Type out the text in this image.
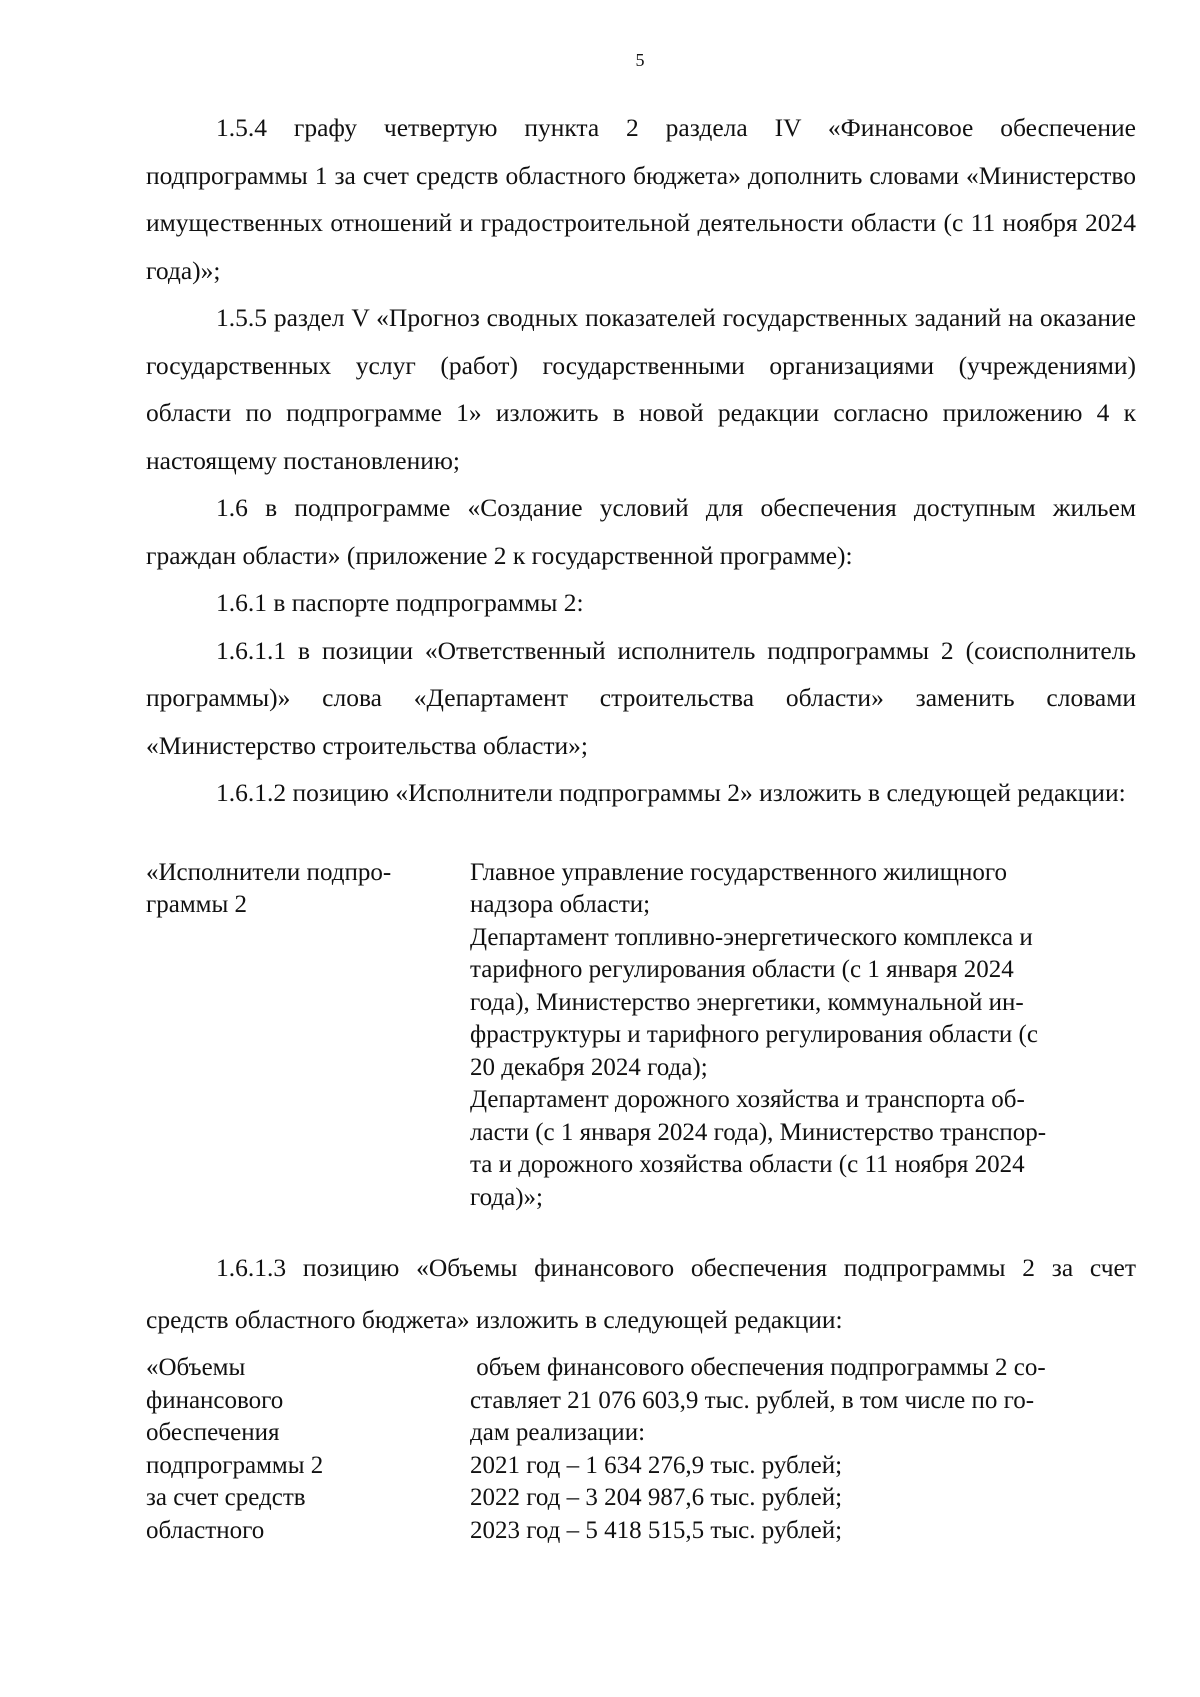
5

1.5.4 графу четвертую пункта 2 раздела IV «Финансовое обеспечение подпрограммы 1 за счет средств областного бюджета» дополнить словами «Министерство имущественных отношений и градостроительной деятельности области (с 11 ноября 2024 года)»;

1.5.5 раздел V «Прогноз сводных показателей государственных заданий на оказание государственных услуг (работ) государственными организациями (учреждениями) области по подпрограмме 1» изложить в новой редакции согласно приложению 4 к настоящему постановлению;

1.6 в подпрограмме «Создание условий для обеспечения доступным жильем граждан области» (приложение 2 к государственной программе):

1.6.1 в паспорте подпрограммы 2:

1.6.1.1 в позиции «Ответственный исполнитель подпрограммы 2 (соисполнитель программы)» слова «Департамент строительства области» заменить словами «Министерство строительства области»;

1.6.1.2 позицию «Исполнители подпрограммы 2» изложить в следующей редакции:

«Исполнители подпро-
граммы 2
Главное управление государственного жилищного
надзора области;
Департамент топливно-энергетического комплекса и
тарифного регулирования области (с 1 января 2024
года), Министерство энергетики, коммунальной ин-
фраструктуры и тарифного регулирования области (с
20 декабря 2024 года);
Департамент дорожного хозяйства и транспорта об-
ласти (с 1 января 2024 года), Министерство транспор-
та и дорожного хозяйства области (с 11 ноября 2024
года)»;

1.6.1.3 позицию «Объемы финансового обеспечения подпрограммы 2 за счет средств областного бюджета» изложить в следующей редакции:

«Объемы
финансового
обеспечения
подпрограммы 2
за счет средств
областного
объем финансового обеспечения подпрограммы 2 со-
ставляет 21 076 603,9 тыс. рублей, в том числе по го-
дам реализации:
2021 год – 1 634 276,9 тыс. рублей;
2022 год – 3 204 987,6 тыс. рублей;
2023 год – 5 418 515,5 тыс. рублей;
